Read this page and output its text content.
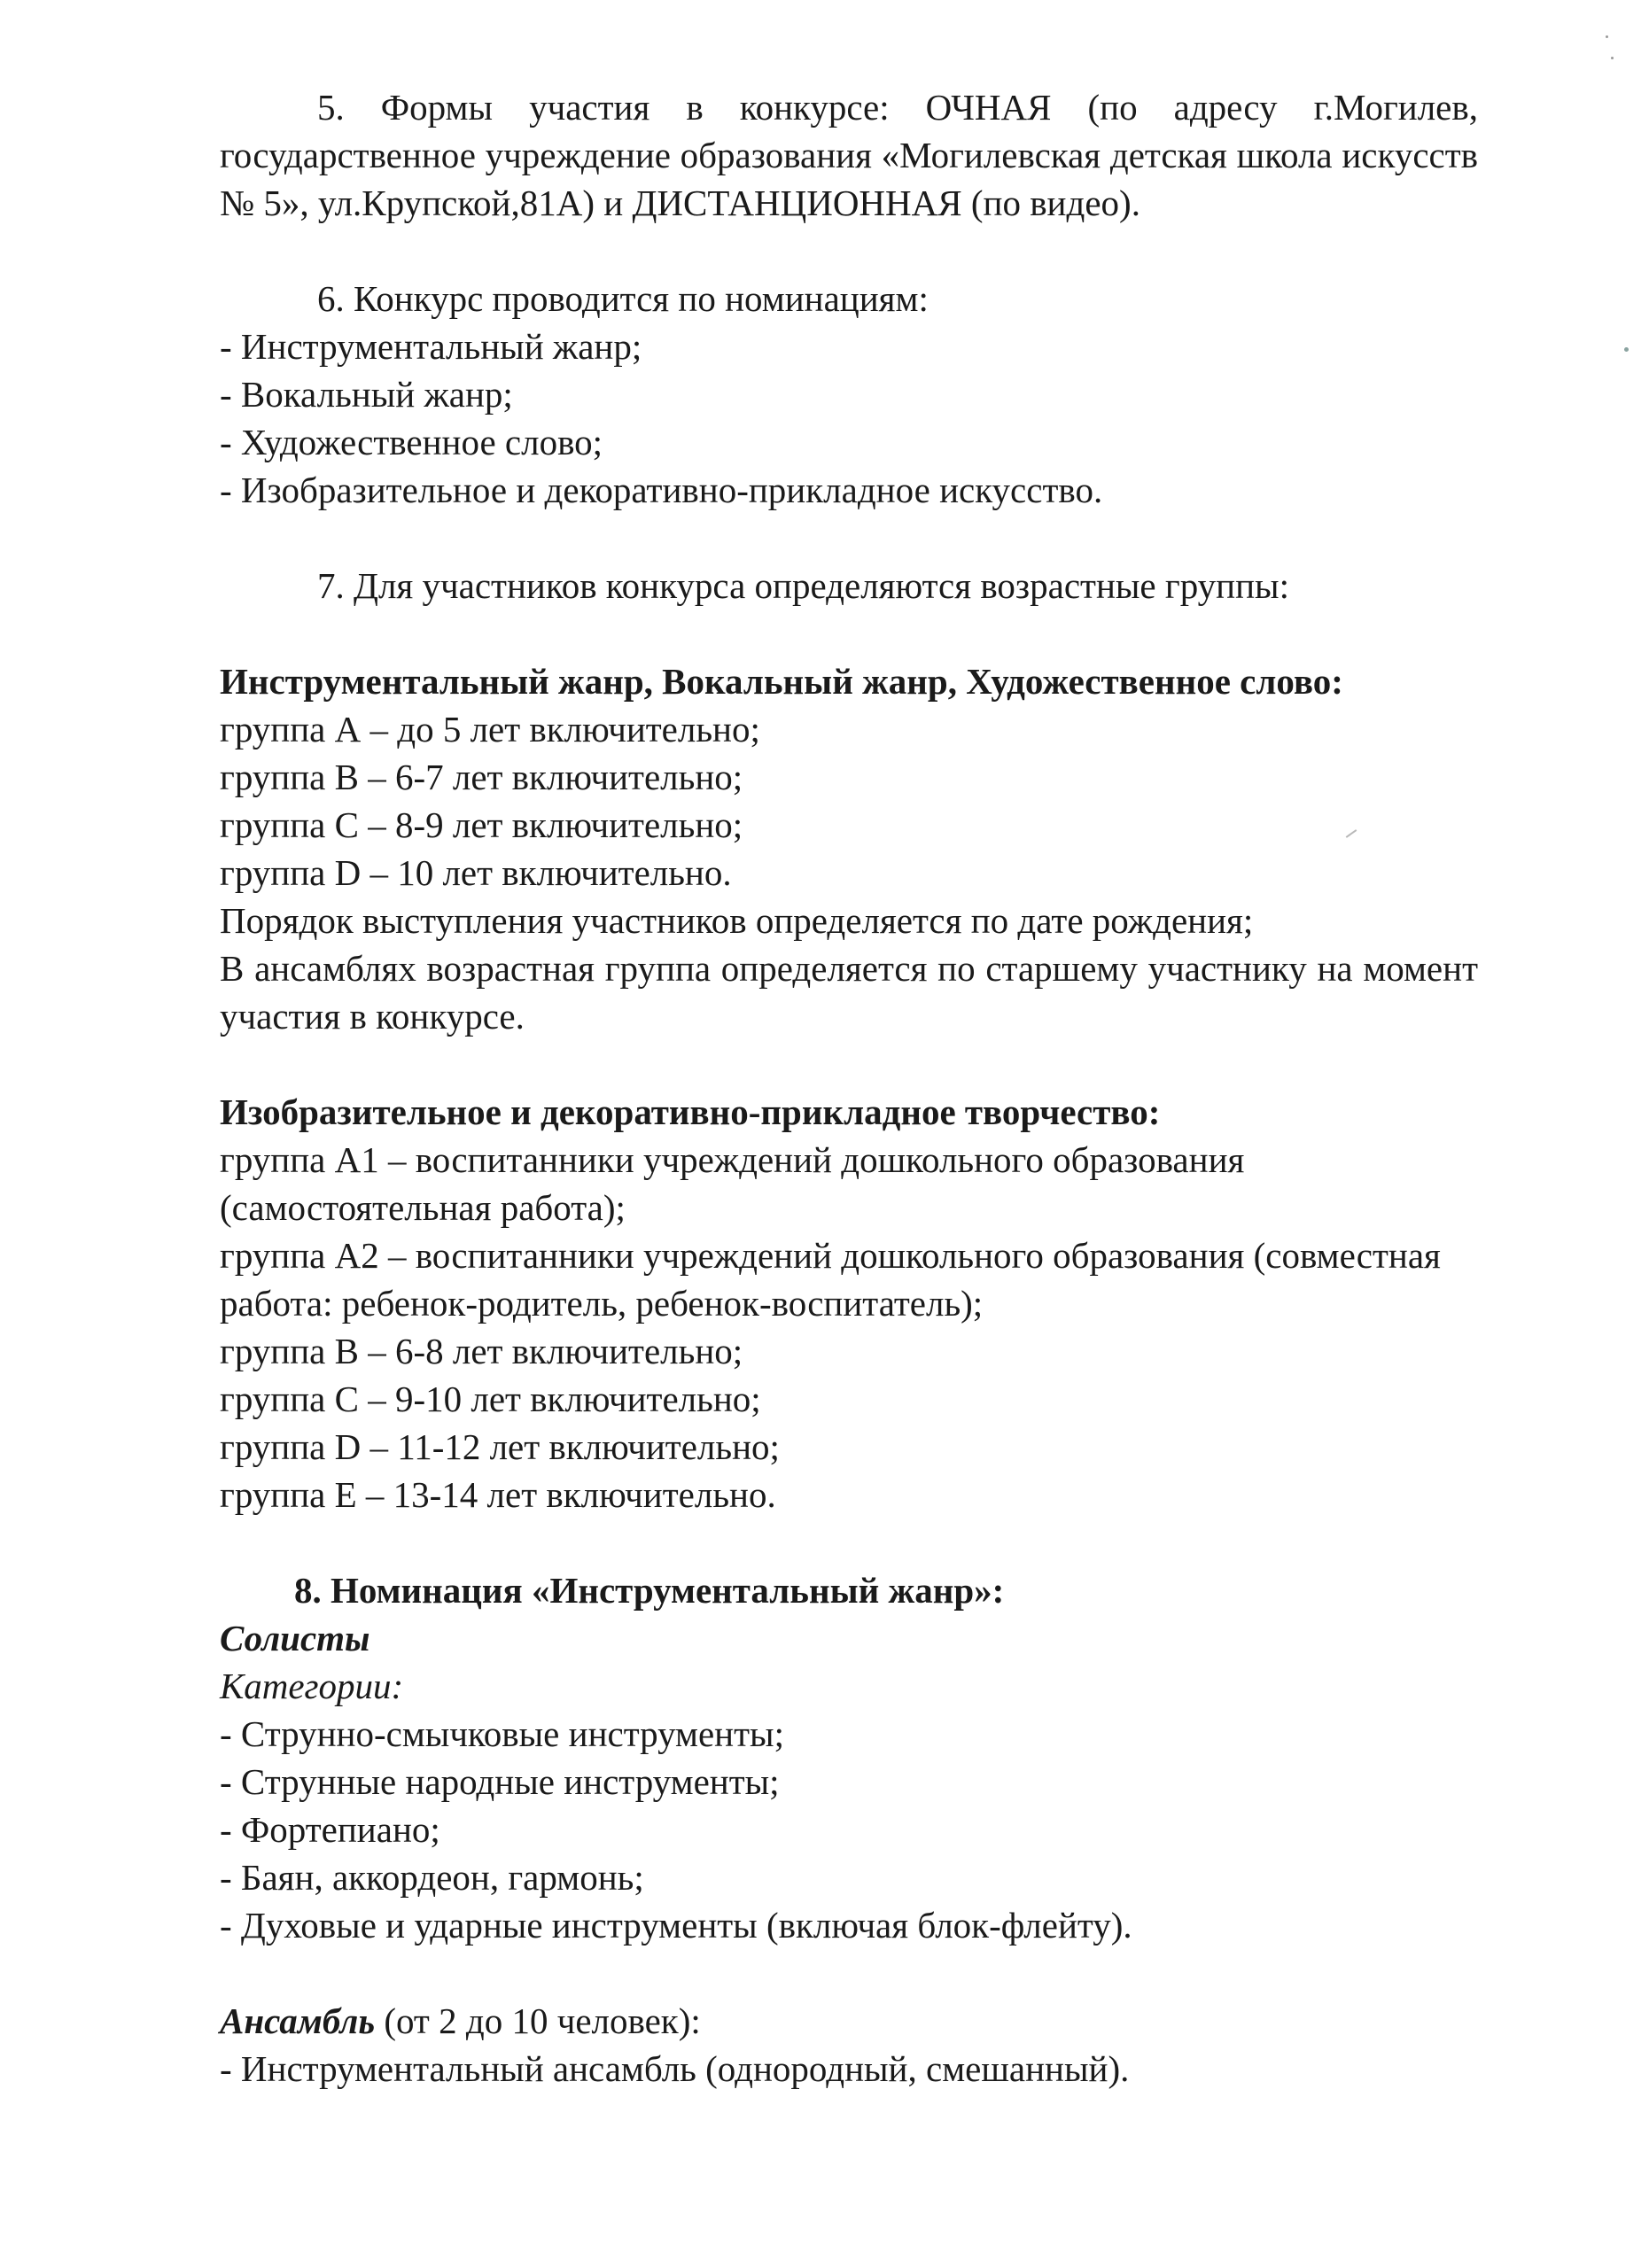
5. Формы участия в конкурсе: ОЧНАЯ (по адресу г.Могилев, государственное учреждение образования «Могилевская детская школа искусств № 5», ул.Крупской,81А) и ДИСТАНЦИОННАЯ (по видео).

6. Конкурс проводится по номинациям:

- Инструментальный жанр;
- Вокальный жанр;
- Художественное слово;
- Изобразительное и декоративно-прикладное искусство.

7. Для участников конкурса определяются возрастные группы:

Инструментальный жанр, Вокальный жанр, Художественное слово:
группа А – до 5 лет включительно;
группа В – 6-7 лет включительно;
группа С – 8-9 лет включительно;
группа D – 10 лет включительно.
Порядок выступления участников определяется по дате рождения;

В ансамблях возрастная группа определяется по старшему участнику на момент участия в конкурсе.

Изобразительное и декоративно-прикладное творчество:

группа А1 – воспитанники учреждений дошкольного образования (самостоятельная работа);

группа А2 – воспитанники учреждений дошкольного образования (совместная работа: ребенок-родитель, ребенок-воспитатель);

группа В – 6-8 лет включительно;
группа С – 9-10 лет включительно;
группа D – 11-12 лет включительно;
группа Е – 13-14 лет включительно.

8. Номинация «Инструментальный жанр»:

Солисты
Категории:
- Струнно-смычковые инструменты;
- Струнные народные инструменты;
- Фортепиано;
- Баян, аккордеон, гармонь;
- Духовые и ударные инструменты (включая блок-флейту).
Ансамбль (от 2 до 10 человек):
- Инструментальный ансамбль (однородный, смешанный).
